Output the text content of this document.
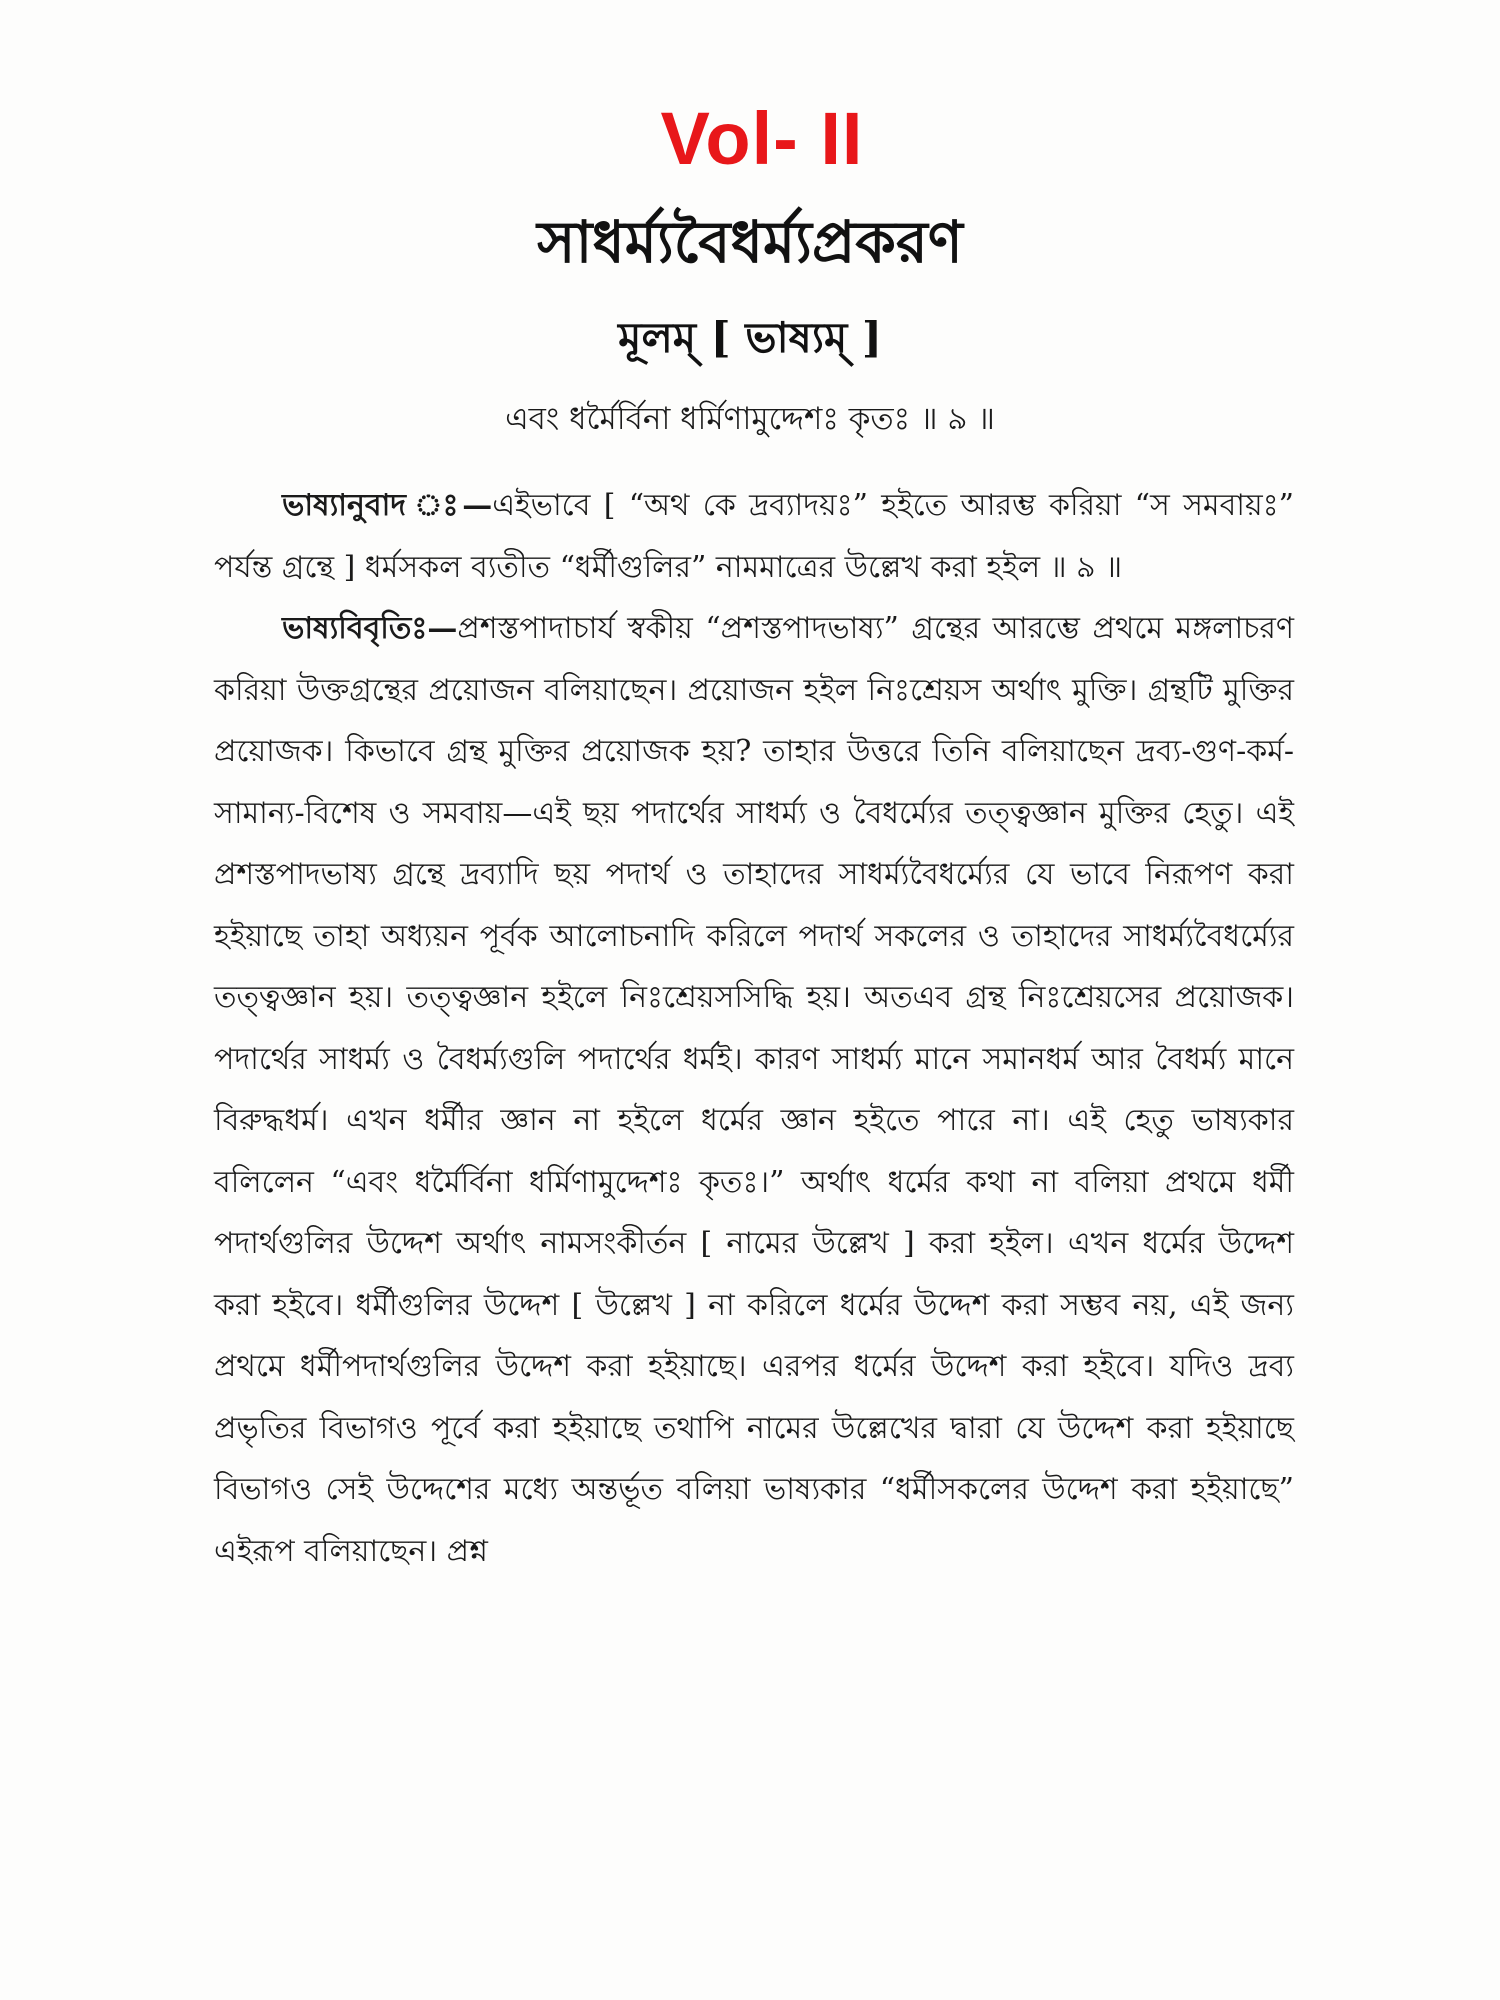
Vol- II
সাধর্ম্যবৈধর্ম্যপ্রকরণ
মূলম্ [ ভাষ্যম্ ]
এবং ধর্মৈর্বিনা ধর্মিণামুদ্দেশঃ কৃতঃ ॥ ৯ ॥

ভাষ্যানুবাদ ঃ—এইভাবে [ “অথ কে দ্রব্যাদয়ঃ” হইতে আরম্ভ করিয়া “স সমবায়ঃ” পর্যন্ত গ্রন্থে ] ধর্মসকল ব্যতীত “ধর্মীগুলির” নামমাত্রের উল্লেখ করা হইল ॥ ৯ ॥

ভাষ্যবিবৃতিঃ—প্রশস্তপাদাচার্য স্বকীয় “প্রশস্তপাদভাষ্য” গ্রন্থের আরম্ভে প্রথমে মঙ্গলাচরণ করিয়া উক্তগ্রন্থের প্রয়োজন বলিয়াছেন। প্রয়োজন হইল নিঃশ্রেয়স অর্থাৎ মুক্তি। গ্রন্থটি মুক্তির প্রয়োজক। কিভাবে গ্রন্থ মুক্তির প্রয়োজক হয়? তাহার উত্তরে তিনি বলিয়াছেন দ্রব্য-গুণ-কর্ম-সামান্য-বিশেষ ও সমবায়—এই ছয় পদার্থের সাধর্ম্য ও বৈধর্ম্যের তত্ত্বজ্ঞান মুক্তির হেতু। এই প্রশস্তপাদভাষ্য গ্রন্থে দ্রব্যাদি ছয় পদার্থ ও তাহাদের সাধর্ম্যবৈধর্ম্যের যে ভাবে নিরূপণ করা হইয়াছে তাহা অধ্যয়ন পূর্বক আলোচনাদি করিলে পদার্থ সকলের ও তাহাদের সাধর্ম্যবৈধর্ম্যের তত্ত্বজ্ঞান হয়। তত্ত্বজ্ঞান হইলে নিঃশ্রেয়সসিদ্ধি হয়। অতএব গ্রন্থ নিঃশ্রেয়সের প্রয়োজক। পদার্থের সাধর্ম্য ও বৈধর্ম্যগুলি পদার্থের ধর্মই। কারণ সাধর্ম্য মানে সমানধর্ম আর বৈধর্ম্য মানে বিরুদ্ধধর্ম। এখন ধর্মীর জ্ঞান না হইলে ধর্মের জ্ঞান হইতে পারে না। এই হেতু ভাষ্যকার বলিলেন “এবং ধর্মৈর্বিনা ধর্মিণামুদ্দেশঃ কৃতঃ।” অর্থাৎ ধর্মের কথা না বলিয়া প্রথমে ধর্মী পদার্থগুলির উদ্দেশ অর্থাৎ নামসংকীর্তন [ নামের উল্লেখ ] করা হইল। এখন ধর্মের উদ্দেশ করা হইবে। ধর্মীগুলির উদ্দেশ [ উল্লেখ ] না করিলে ধর্মের উদ্দেশ করা সম্ভব নয়, এই জন্য প্রথমে ধর্মীপদার্থগুলির উদ্দেশ করা হইয়াছে। এরপর ধর্মের উদ্দেশ করা হইবে। যদিও দ্রব্য প্রভৃতির বিভাগও পূর্বে করা হইয়াছে তথাপি নামের উল্লেখের দ্বারা যে উদ্দেশ করা হইয়াছে বিভাগও সেই উদ্দেশের মধ্যে অন্তর্ভূত বলিয়া ভাষ্যকার “ধর্মীসকলের উদ্দেশ করা হইয়াছে” এইরূপ বলিয়াছেন। প্রশ্ন
